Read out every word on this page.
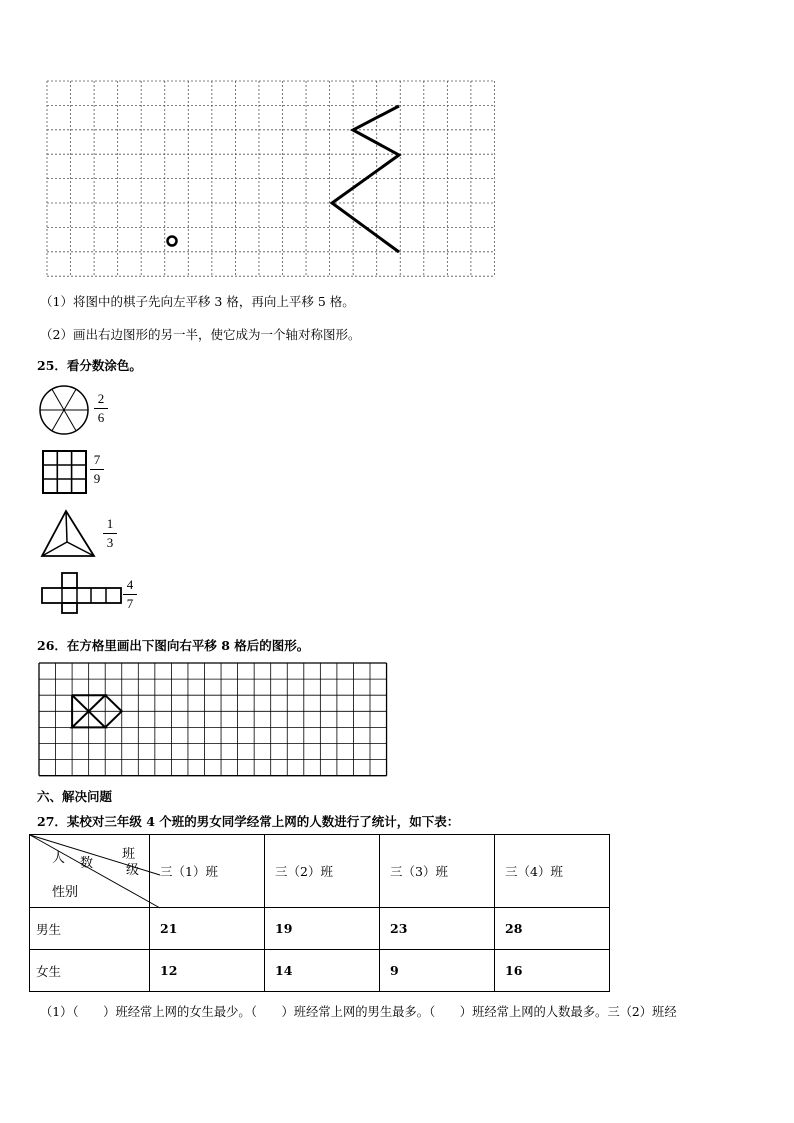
（1）将图中的棋子先向左平移 3 格，再向上平移 5 格。
（2）画出右边图形的另一半，使它成为一个轴对称图形。
25．看分数涂色。
2
6
7
9
1
3
4
7
26．在方格里画出下图向右平移 8 格后的图形。
六、解决问题
27．某校对三年级 4 个班的男女同学经常上网的人数进行了统计，如下表：
班
级
人 数
性别	三（1）班	三（2）班	三（3）班	三（4）班
男生	21	19	23	28
女生	12	14	9	16
（1）（　　）班经常上网的女生最少。（　　）班经常上网的男生最多。（　　）班经常上网的人数最多。三（2）班经
